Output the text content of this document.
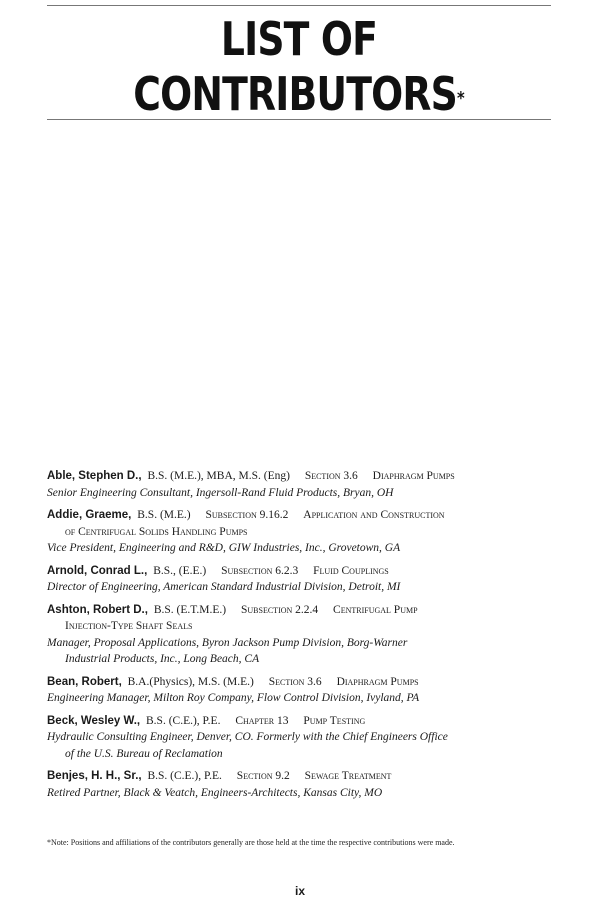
LIST OF
CONTRIBUTORS*
Able, Stephen D., B.S. (M.E.), MBA, M.S. (Eng) Section 3.6 Diaphragm Pumps
Senior Engineering Consultant, Ingersoll-Rand Fluid Products, Bryan, OH
Addie, Graeme, B.S. (M.E.) Subsection 9.16.2 Application and Construction
of Centrifugal Solids Handling Pumps
Vice President, Engineering and R&D, GIW Industries, Inc., Grovetown, GA
Arnold, Conrad L., B.S., (E.E.) Subsection 6.2.3 Fluid Couplings
Director of Engineering, American Standard Industrial Division, Detroit, MI
Ashton, Robert D., B.S. (E.T.M.E.) Subsection 2.2.4 Centrifugal Pump
Injection-Type Shaft Seals
Manager, Proposal Applications, Byron Jackson Pump Division, Borg-Warner
Industrial Products, Inc., Long Beach, CA
Bean, Robert, B.A.(Physics), M.S. (M.E.) Section 3.6 Diaphragm Pumps
Engineering Manager, Milton Roy Company, Flow Control Division, Ivyland, PA
Beck, Wesley W., B.S. (C.E.), P.E. Chapter 13 Pump Testing
Hydraulic Consulting Engineer, Denver, CO. Formerly with the Chief Engineers Office
of the U.S. Bureau of Reclamation
Benjes, H. H., Sr., B.S. (C.E.), P.E. Section 9.2 Sewage Treatment
Retired Partner, Black & Veatch, Engineers-Architects, Kansas City, MO
*Note: Positions and affiliations of the contributors generally are those held at the time the respective contributions were made.
ix
